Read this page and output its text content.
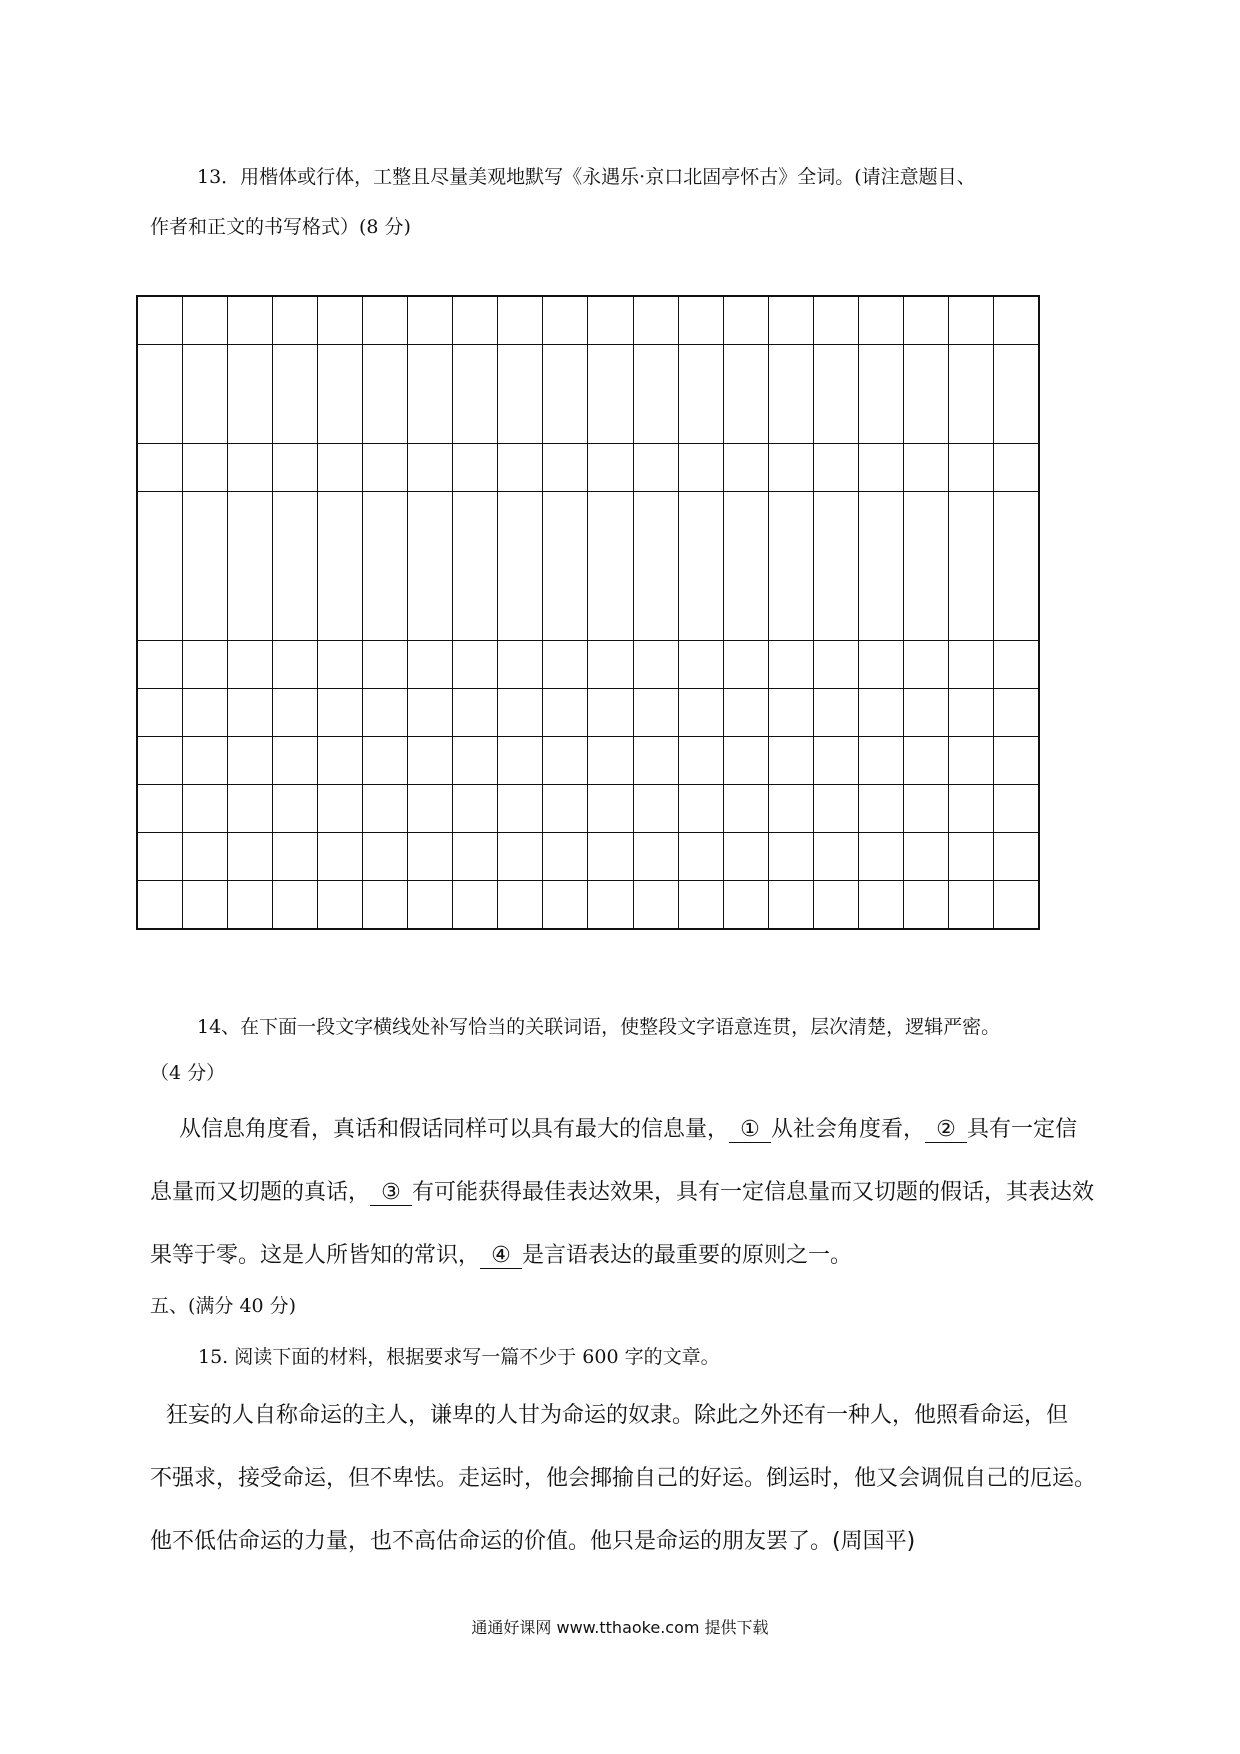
13．用楷体或行体，工整且尽量美观地默写《永遇乐·京口北固亭怀古》全词。(请注意题目、
作者和正文的书写格式）(8 分)
14、在下面一段文字横线处补写恰当的关联词语，使整段文字语意连贯，层次清楚，逻辑严密。
（4 分）
从信息角度看，真话和假话同样可以具有最大的信息量， ① 从社会角度看， ② 具有一定信
息量而又切题的真话， ③ 有可能获得最佳表达效果，具有一定信息量而又切题的假话，其表达效
果等于零。这是人所皆知的常识， ④ 是言语表达的最重要的原则之一。
五、(满分 40 分)
15. 阅读下面的材料，根据要求写一篇不少于 600 字的文章。
狂妄的人自称命运的主人，谦卑的人甘为命运的奴隶。除此之外还有一种人，他照看命运，但
不强求，接受命运，但不卑怯。走运时，他会揶揄自己的好运。倒运时，他又会调侃自己的厄运。
他不低估命运的力量，也不高估命运的价值。他只是命运的朋友罢了。(周国平)
通通好课网 www.tthaoke.com 提供下载
